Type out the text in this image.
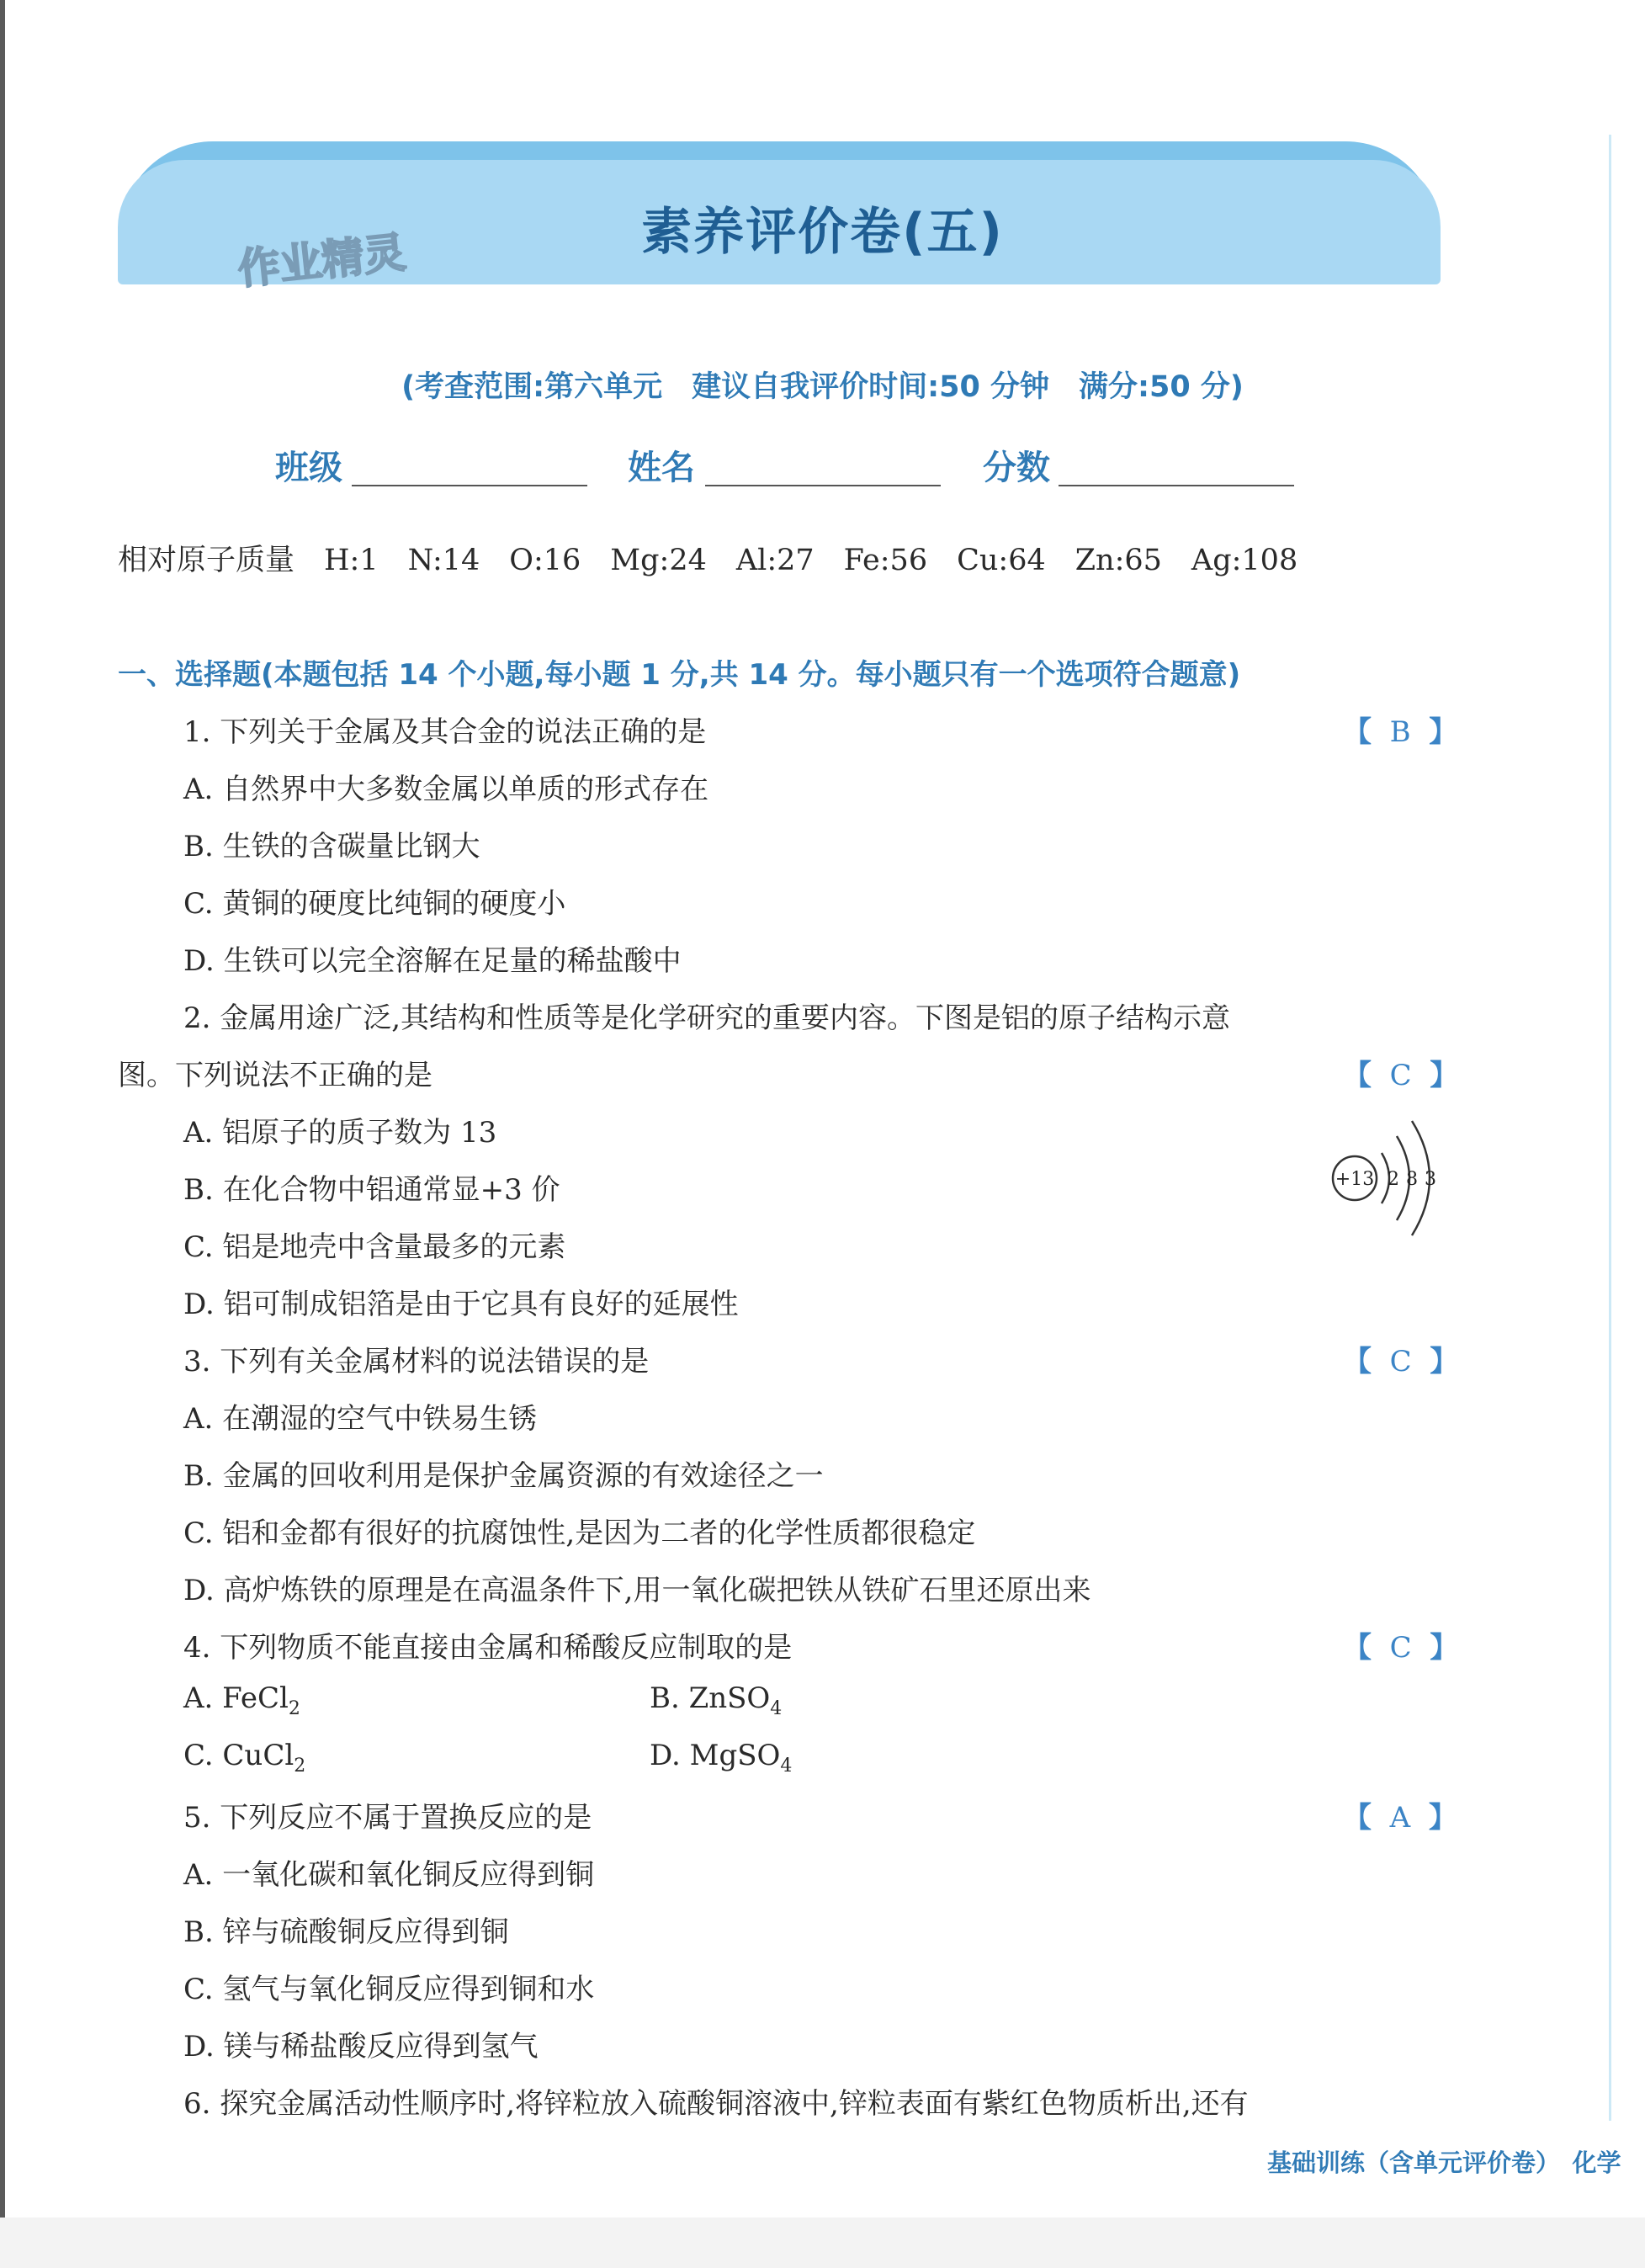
作业精灵	素养评价卷(五)
(考查范围:第六单元　建议自我评价时间:50 分钟　满分:50 分)
班级	姓名	分数
相对原子质量　H:1　N:14　O:16　Mg:24　Al:27　Fe:56　Cu:64　Zn:65　Ag:108
一、选择题(本题包括 14 个小题,每小题 1 分,共 14 分。每小题只有一个选项符合题意)
1. 下列关于金属及其合金的说法正确的是	【 B 】
A. 自然界中大多数金属以单质的形式存在
B. 生铁的含碳量比钢大
C. 黄铜的硬度比纯铜的硬度小
D. 生铁可以完全溶解在足量的稀盐酸中
2. 金属用途广泛,其结构和性质等是化学研究的重要内容。下图是铝的原子结构示意
图。下列说法不正确的是	【 C 】
A. 铝原子的质子数为 13
B. 在化合物中铝通常显+3 价
C. 铝是地壳中含量最多的元素
D. 铝可制成铝箔是由于它具有良好的延展性
+13 2 8 3
3. 下列有关金属材料的说法错误的是	【 C 】
A. 在潮湿的空气中铁易生锈
B. 金属的回收利用是保护金属资源的有效途径之一
C. 铝和金都有很好的抗腐蚀性,是因为二者的化学性质都很稳定
D. 高炉炼铁的原理是在高温条件下,用一氧化碳把铁从铁矿石里还原出来
4. 下列物质不能直接由金属和稀酸反应制取的是	【 C 】
A. FeCl$_2$	B. ZnSO$_4$
C. CuCl$_2$	D. MgSO$_4$
5. 下列反应不属于置换反应的是	【 A 】
A. 一氧化碳和氧化铜反应得到铜
B. 锌与硫酸铜反应得到铜
C. 氢气与氧化铜反应得到铜和水
D. 镁与稀盐酸反应得到氢气
6. 探究金属活动性顺序时,将锌粒放入硫酸铜溶液中,锌粒表面有紫红色物质析出,还有
基础训练（含单元评价卷）　化学
